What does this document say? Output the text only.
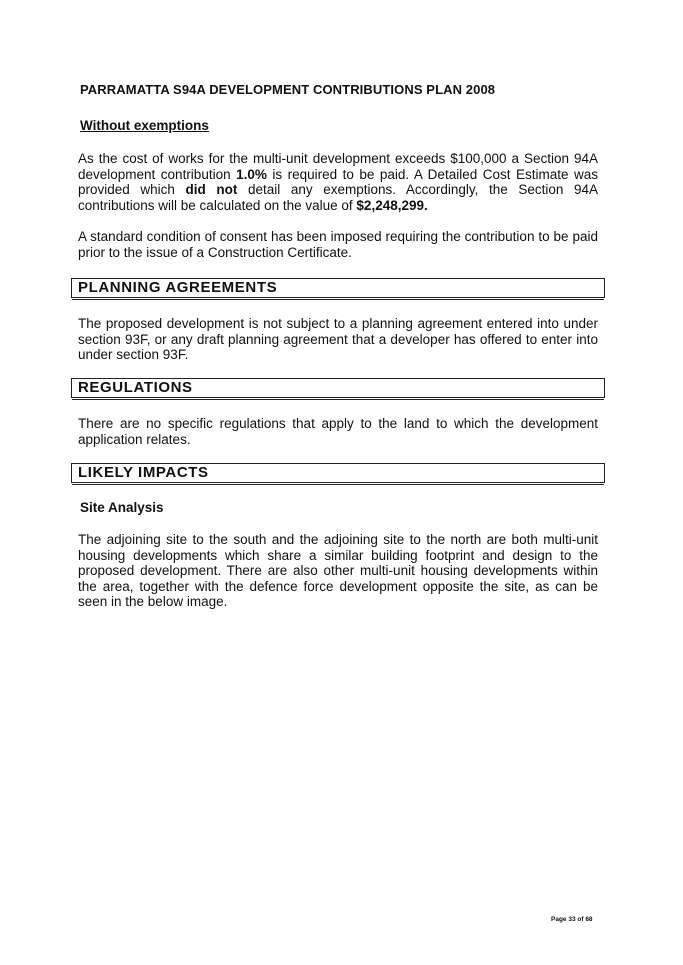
PARRAMATTA S94A DEVELOPMENT CONTRIBUTIONS PLAN 2008
Without exemptions
As the cost of works for the multi-unit development exceeds $100,000 a Section 94A development contribution 1.0% is required to be paid. A Detailed Cost Estimate was provided which did not detail any exemptions. Accordingly, the Section 94A contributions will be calculated on the value of $2,248,299.
A standard condition of consent has been imposed requiring the contribution to be paid prior to the issue of a Construction Certificate.
PLANNING AGREEMENTS
The proposed development is not subject to a planning agreement entered into under section 93F, or any draft planning agreement that a developer has offered to enter into under section 93F.
REGULATIONS
There are no specific regulations that apply to the land to which the development application relates.
LIKELY IMPACTS
Site Analysis
The adjoining site to the south and the adjoining site to the north are both multi-unit housing developments which share a similar building footprint and design to the proposed development. There are also other multi-unit housing developments within the area, together with the defence force development opposite the site, as can be seen in the below image.
Page 33 of 68
